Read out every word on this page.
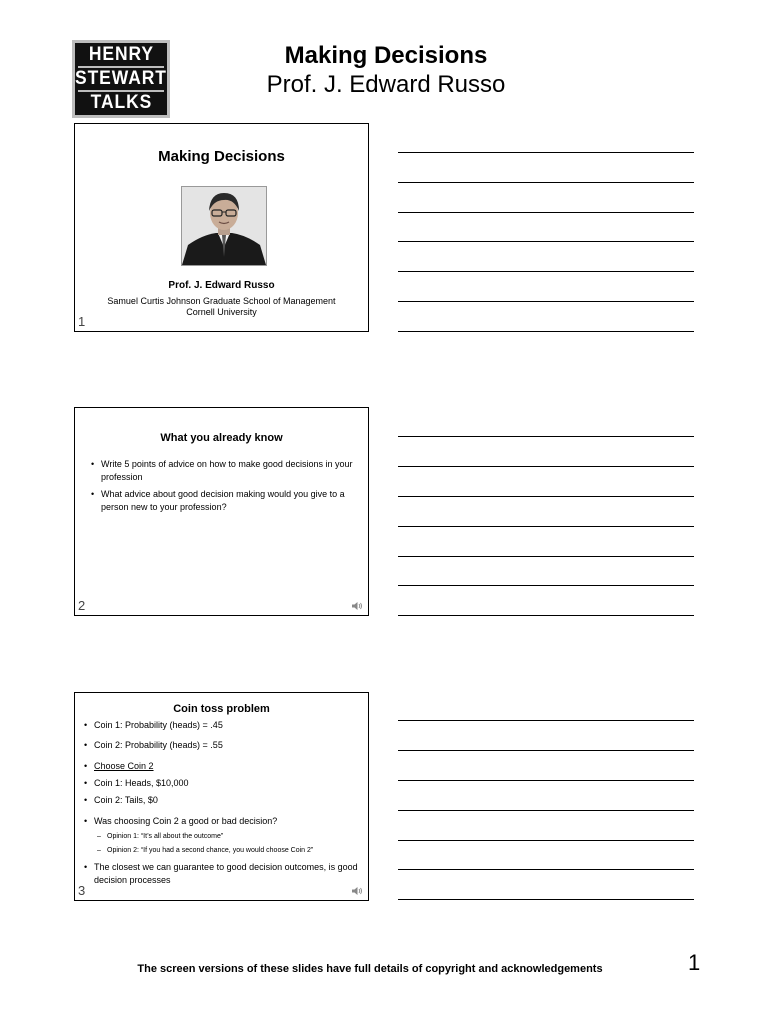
HENRY
STEWART
TALKS
Making Decisions
Prof. J. Edward Russo
Making Decisions
Prof. J. Edward Russo
Samuel Curtis Johnson Graduate School of Management
Cornell University
1
What you already know
• Write 5 points of advice on how to make good decisions in your profession
• What advice about good decision making would you give to a person new to your profession?
2
Coin toss problem
• Coin 1: Probability (heads) = .45
• Coin 2: Probability (heads) = .55
• Choose Coin 2
• Coin 1: Heads, $10,000
• Coin 2: Tails, $0
• Was choosing Coin 2 a good or bad decision?
– Opinion 1: “It’s all about the outcome”
– Opinion 2: “If you had a second chance, you would choose Coin 2”
• The closest we can guarantee to good decision outcomes, is good decision processes
3
The screen versions of these slides have full details of copyright and acknowledgements	1
